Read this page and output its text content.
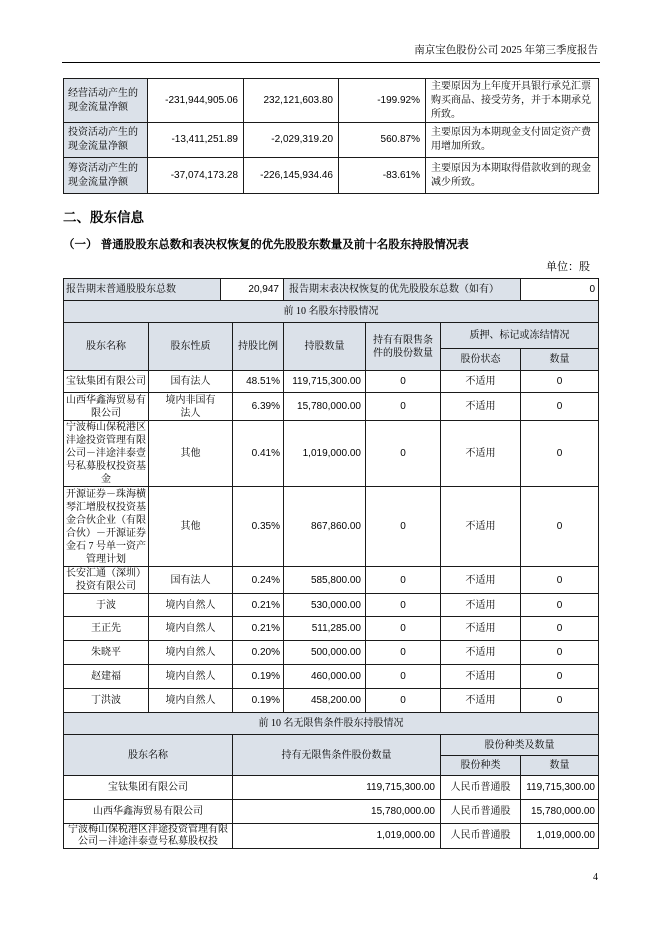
南京宝色股份公司 2025 年第三季度报告
经营活动产生的现金流量净额	-231,944,905.06	232,121,603.80	-199.92%	主要原因为上年度开具银行承兑汇票购买商品、接受劳务，并于本期承兑所致。
投资活动产生的现金流量净额	-13,411,251.89	-2,029,319.20	560.87%	主要原因为本期现金支付固定资产费用增加所致。
筹资活动产生的现金流量净额	-37,074,173.28	-226,145,934.46	-83.61%	主要原因为本期取得借款收到的现金减少所致。
二、股东信息
（一） 普通股股东总数和表决权恢复的优先股股东数量及前十名股东持股情况表
单位：股
报告期末普通股股东总数	20,947	报告期末表决权恢复的优先股股东总数（如有）	0
前 10 名股东持股情况						
股东名称	股东性质	持股比例	持股数量	持有有限售条件的股份数量	质押、标记或冻结情况	
					股份状态	数量
宝钛集团有限公司	国有法人	48.51%	119,715,300.00	0	不适用	0
山西华鑫海贸易有限公司	境内非国有法人	6.39%	15,780,000.00	0	不适用	0
宁波梅山保税港区沣途投资管理有限公司－沣途沣泰壹号私募股权投资基金	其他	0.41%	1,019,000.00	0	不适用	0
开源证券－珠海横琴汇增股权投资基金合伙企业（有限合伙）－开源证券金石 7 号单一资产管理计划	其他	0.35%	867,860.00	0	不适用	0
长安汇通（深圳）投资有限公司	国有法人	0.24%	585,800.00	0	不适用	0
于波	境内自然人	0.21%	530,000.00	0	不适用	0
王正先	境内自然人	0.21%	511,285.00	0	不适用	0
朱晓平	境内自然人	0.20%	500,000.00	0	不适用	0
赵建福	境内自然人	0.19%	460,000.00	0	不适用	0
丁洪波	境内自然人	0.19%	458,200.00	0	不适用	0
前 10 名无限售条件股东持股情况						
股东名称	持有无限售条件股份数量	股份种类及数量	
		股份种类	数量
宝钛集团有限公司	119,715,300.00	人民币普通股	119,715,300.00
山西华鑫海贸易有限公司	15,780,000.00	人民币普通股	15,780,000.00
宁波梅山保税港区沣途投资管理有限公司－沣途沣泰壹号私募股权投	1,019,000.00	人民币普通股	1,019,000.00
4
